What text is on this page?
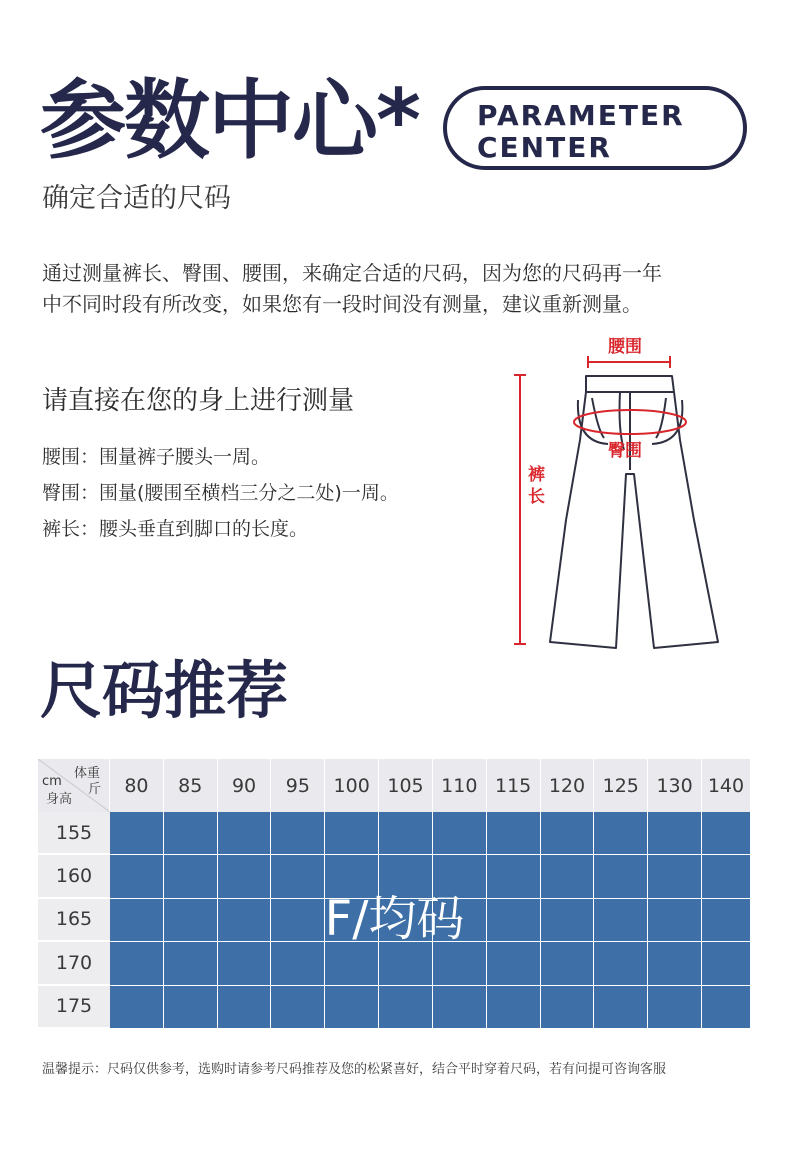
参数中心*
确定合适的尺码
PARAMETER
CENTER
通过测量裤长、臀围、腰围，来确定合适的尺码，因为您的尺码再一年
中不同时段有所改变，如果您有一段时间没有测量，建议重新测量。
请直接在您的身上进行测量
腰围：围量裤子腰头一周。
臀围：围量(腰围至横档三分之二处)一周。
裤长：腰头垂直到脚口的长度。
腰围
裤
长
臀围
尺码推荐
体重
斤
cm
身高
80	85	90	95	100 105 110 115 120 125 130 140
155
160
165
170
175
F/均码
温馨提示：尺码仅供参考，选购时请参考尺码推荐及您的松紧喜好，结合平时穿着尺码，若有问提可咨询客服
